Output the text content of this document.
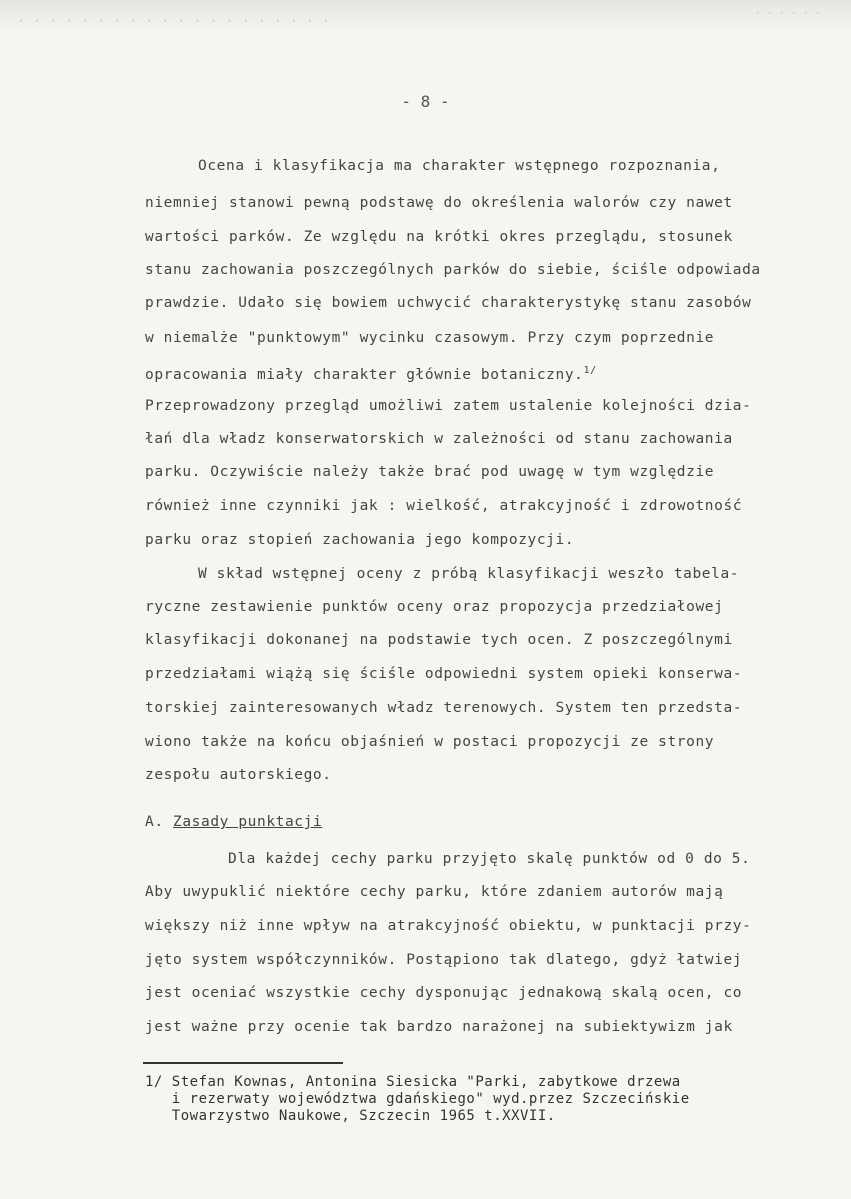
· · · · · · · · · · · · · · · · · · · ·
· · · · · ·
- 8 -
Ocena i klasyfikacja ma charakter wstępnego rozpoznania,
niemniej stanowi pewną podstawę do określenia walorów czy nawet
wartości parków. Ze względu na krótki okres przeglądu, stosunek
stanu zachowania poszczególnych parków do siebie, ściśle odpowiada
prawdzie. Udało się bowiem uchwycić charakterystykę stanu zasobów
w niemalże "punktowym" wycinku czasowym. Przy czym poprzednie
opracowania miały charakter głównie botaniczny.$^{1/}$
Przeprowadzony przegląd umożliwi zatem ustalenie kolejności dzia-
łań dla władz konserwatorskich w zależności od stanu zachowania
parku. Oczywiście należy także brać pod uwagę w tym względzie
również inne czynniki jak : wielkość, atrakcyjność i zdrowotność
parku oraz stopień zachowania jego kompozycji.
W skład wstępnej oceny z próbą klasyfikacji weszło tabela-
ryczne zestawienie punktów oceny oraz propozycja przedziałowej
klasyfikacji dokonanej na podstawie tych ocen. Z poszczególnymi
przedziałami wiążą się ściśle odpowiedni system opieki konserwa-
torskiej zainteresowanych władz terenowych. System ten przedsta-
wiono także na końcu objaśnień w postaci propozycji ze strony
zespołu autorskiego.
A. Zasady punktacji
Dla każdej cechy parku przyjęto skalę punktów od 0 do 5.
Aby uwypuklić niektóre cechy parku, które zdaniem autorów mają
większy niż inne wpływ na atrakcyjność obiektu, w punktacji przy-
jęto system współczynników. Postąpiono tak dlatego, gdyż łatwiej
jest oceniać wszystkie cechy dysponując jednakową skalą ocen, co
jest ważne przy ocenie tak bardzo narażonej na subiektywizm jak
1/ Stefan Kownas, Antonina Siesicka "Parki, zabytkowe drzewa
i rezerwaty województwa gdańskiego" wyd.przez Szczecińskie
Towarzystwo Naukowe, Szczecin 1965 t.XXVII.
